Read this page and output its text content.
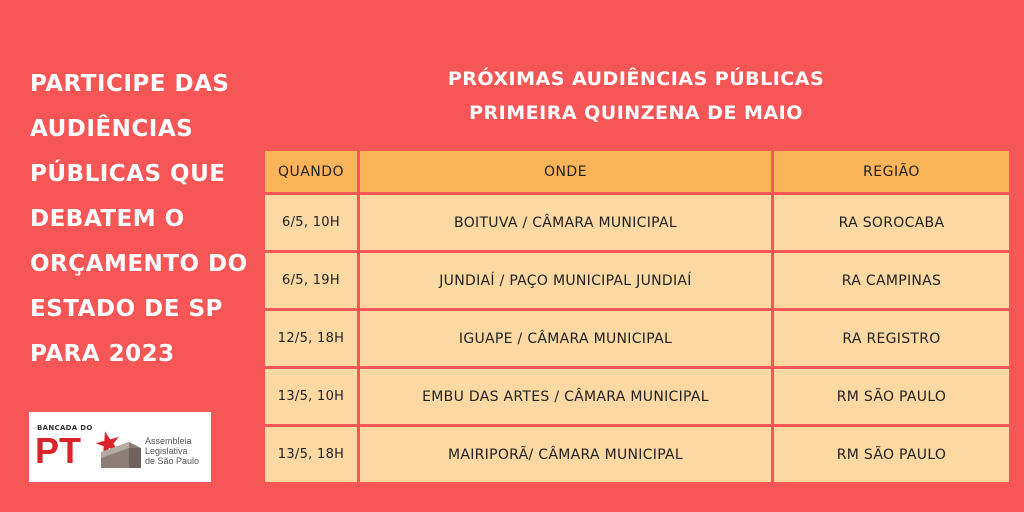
PARTICIPE DAS
AUDIÊNCIAS
PÚBLICAS QUE
DEBATEM O
ORÇAMENTO DO
ESTADO DE SP
PARA 2023
BANCADA DO
PT	Assembleia
Legislativa
de São Paulo
PRÓXIMAS AUDIÊNCIAS PÚBLICAS
PRIMEIRA QUINZENA DE MAIO
QUANDO	ONDE	REGIÃO
6/5, 10H	BOITUVA / CÂMARA MUNICIPAL	RA SOROCABA
6/5, 19H	JUNDIAÍ / PAÇO MUNICIPAL JUNDIAÍ	RA CAMPINAS
12/5, 18H	IGUAPE / CÂMARA MUNICIPAL	RA REGISTRO
13/5, 10H	EMBU DAS ARTES / CÂMARA MUNICIPAL	RM SÃO PAULO
13/5, 18H	MAIRIPORÃ/ CÂMARA MUNICIPAL	RM SÃO PAULO
